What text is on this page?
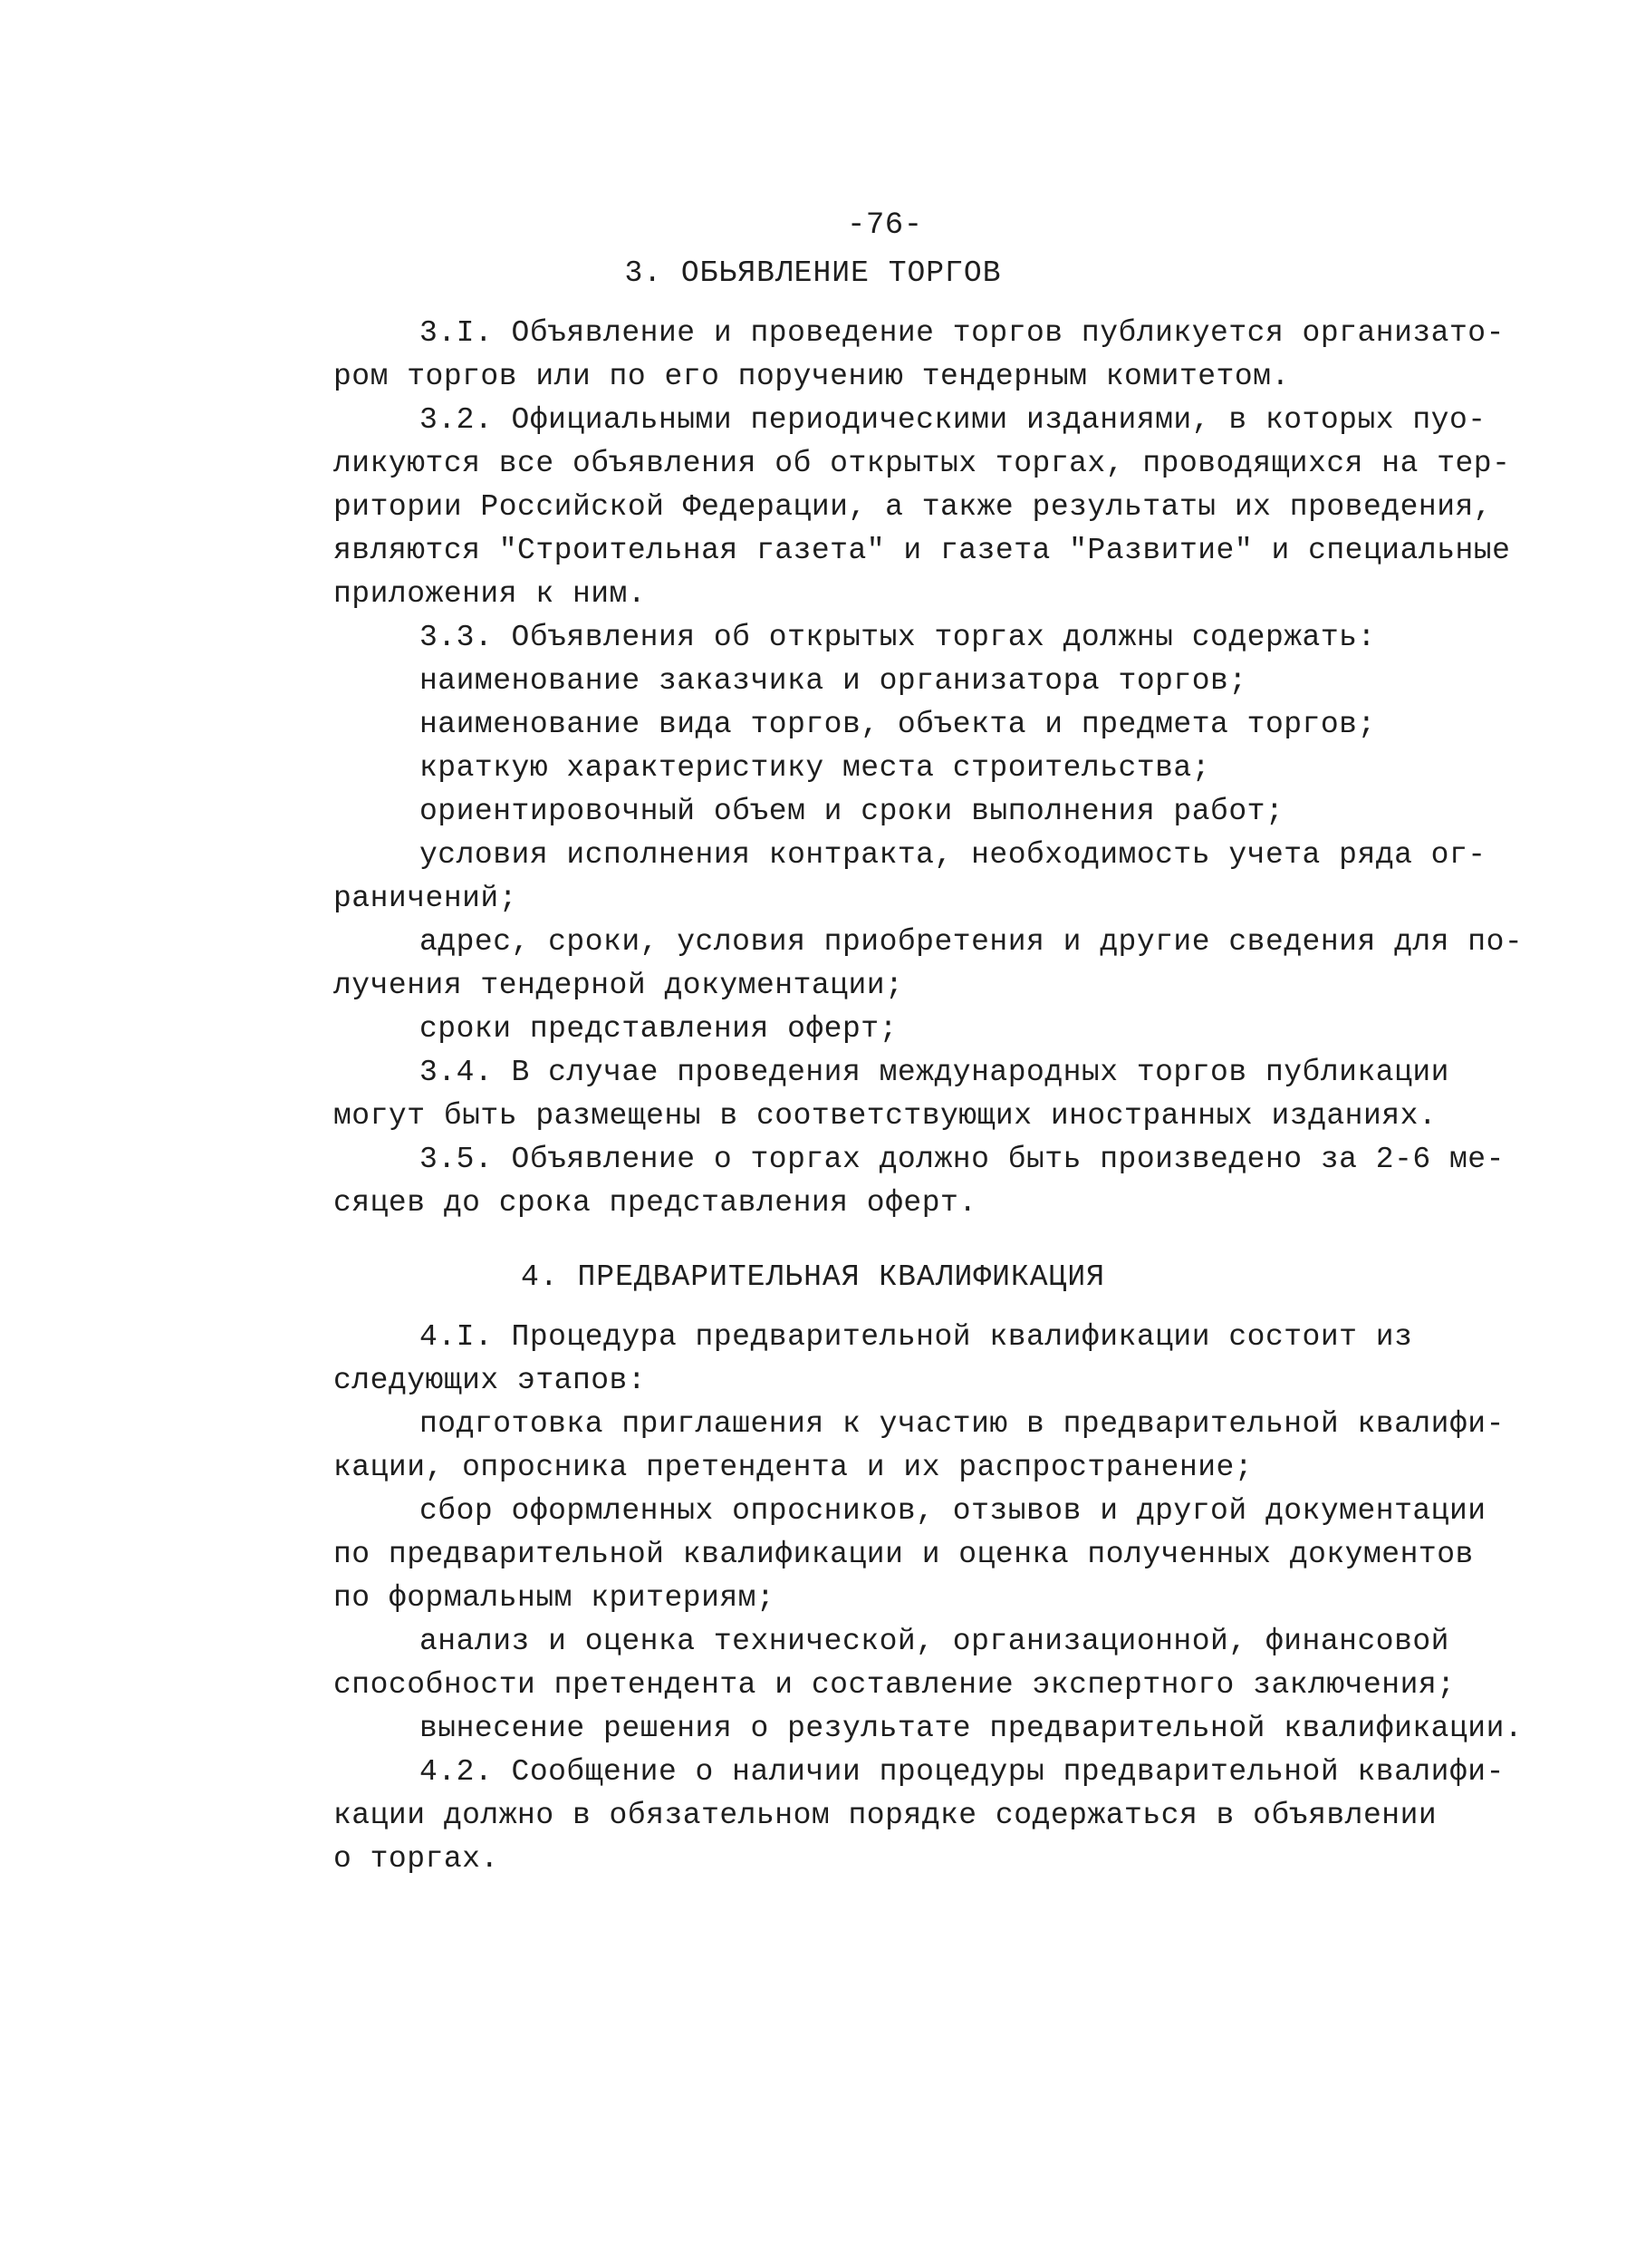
-76-
3. ОБЬЯВЛЕНИЕ ТОРГОВ
3.I. Объявление и проведение торгов публикуется организато-
ром торгов или по его поручению тендерным комитетом.
3.2. Официальными периодическими изданиями, в которых пуо-
ликуются все объявления об открытых торгах, проводящихся на тер-
ритории Российской Федерации, а также результаты их проведения,
являются "Строительная газета" и газета "Развитие" и специальные
приложения к ним.
3.3. Объявления об открытых торгах должны содержать:
наименование заказчика и организатора торгов;
наименование вида торгов, объекта и предмета торгов;
краткую характеристику места строительства;
ориентировочный объем и сроки выполнения работ;
условия исполнения контракта, необходимость учета ряда ог-
раничений;
адрес, сроки, условия приобретения и другие сведения для по-
лучения тендерной документации;
сроки представления оферт;
3.4. В случае проведения международных торгов публикации
могут быть размещены в соответствующих иностранных изданиях.
3.5. Объявление о торгах должно быть произведено за 2-6 ме-
сяцев до срока представления оферт.
4. ПРЕДВАРИТЕЛЬНАЯ КВАЛИФИКАЦИЯ
4.I. Процедура предварительной квалификации состоит из
следующих этапов:
подготовка приглашения к участию в предварительной квалифи-
кации, опросника претендента и их распространение;
сбор оформленных опросников, отзывов и другой документации
по предварительной квалификации и оценка полученных документов
по формальным критериям;
анализ и оценка технической, организационной, финансовой
способности претендента и составление экспертного заключения;
вынесение решения о результате предварительной квалификации.
4.2. Сообщение о наличии процедуры предварительной квалифи-
кации должно в обязательном порядке содержаться в объявлении
о торгах.
